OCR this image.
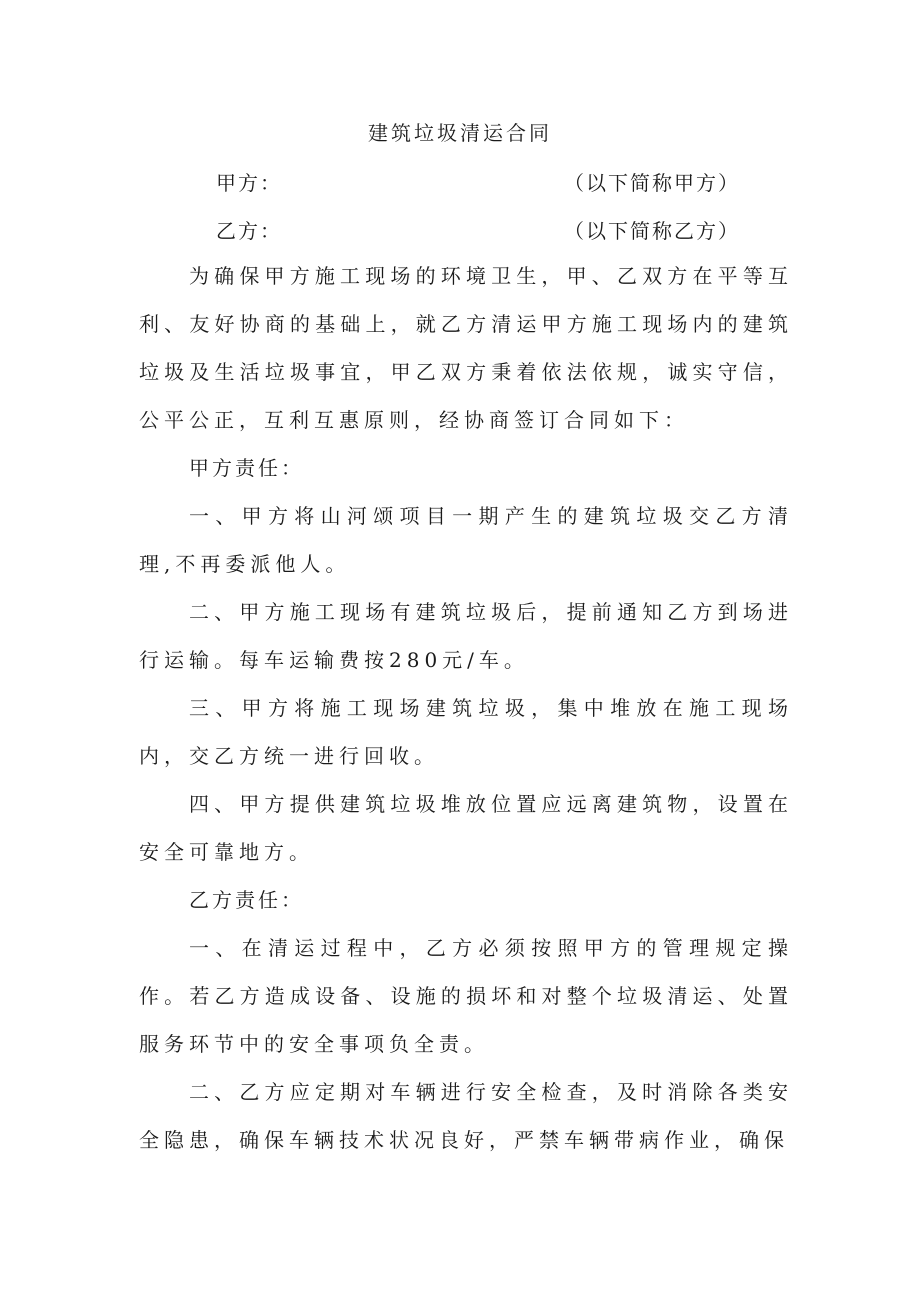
建筑垃圾清运合同
甲方：	（以下简称甲方）
乙方：	（以下简称乙方）

为确保甲方施工现场的环境卫生，甲、乙双方在平等互利、友好协商的基础上，就乙方清运甲方施工现场内的建筑垃圾及生活垃圾事宜，甲乙双方秉着依法依规，诚实守信，公平公正，互利互惠原则，经协商签订合同如下：

甲方责任：

一、甲方将山河颂项目一期产生的建筑垃圾交乙方清理,不再委派他人。

二、甲方施工现场有建筑垃圾后，提前通知乙方到场进行运输。每车运输费按280元/车。

三、甲方将施工现场建筑垃圾，集中堆放在施工现场内，交乙方统一进行回收。

四、甲方提供建筑垃圾堆放位置应远离建筑物，设置在安全可靠地方。

乙方责任：

一、在清运过程中，乙方必须按照甲方的管理规定操作。若乙方造成设备、设施的损坏和对整个垃圾清运、处置服务环节中的安全事项负全责。

二、乙方应定期对车辆进行安全检查，及时消除各类安全隐患，确保车辆技术状况良好，严禁车辆带病作业，确保
